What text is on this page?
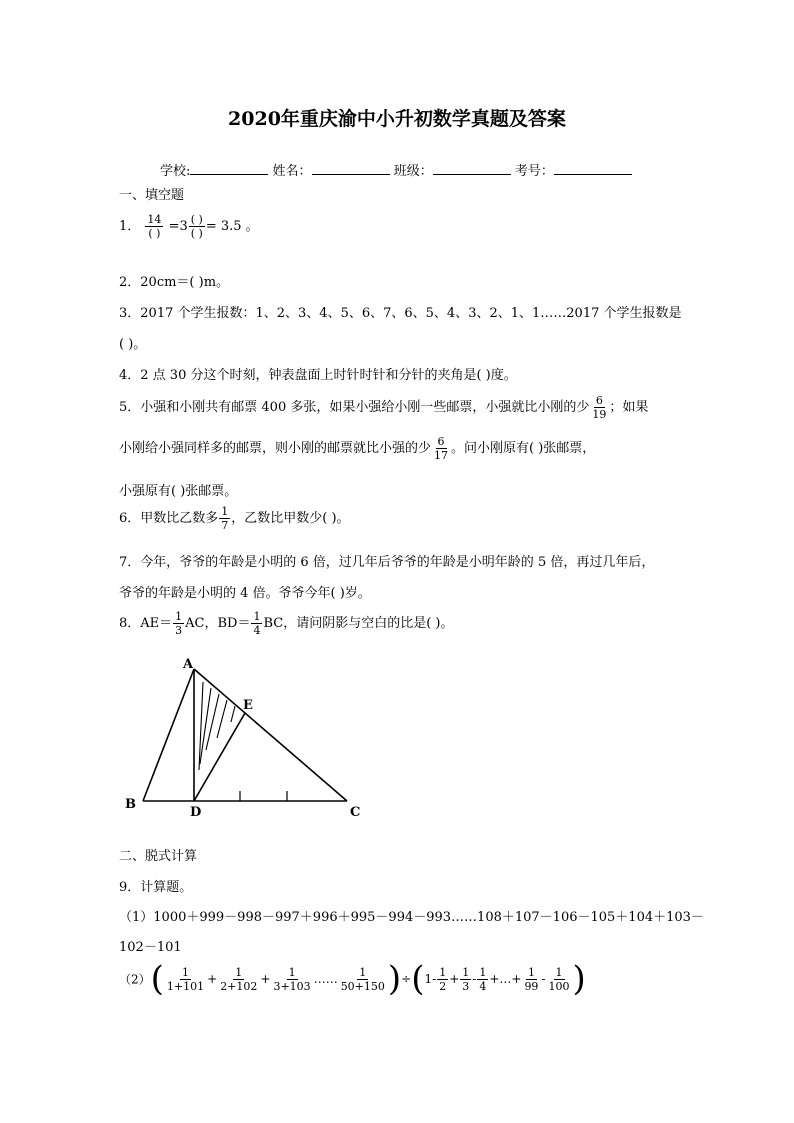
2020年重庆渝中小升初数学真题及答案
学校:	姓名：	班级：	考号：
一、填空题
1． $\frac{14}{( )} =3 \frac{( )}{( )} = 3.5$ 。
2．20cm＝( )m。
3．2017 个学生报数：1、2、3、4、5、6、7、6、5、4、3、2、1、1……2017 个学生报数是
( )。
4．2 点 30 分这个时刻，钟表盘面上时针时针和分针的夹角是( )度。
5．小强和小刚共有邮票 400 多张，如果小强给小刚一些邮票，小强就比小刚的少 $\frac{6}{19}$ ；如果
小刚给小强同样多的邮票，则小刚的邮票就比小强的少 $\frac{6}{17}$ 。问小刚原有( )张邮票，
小强原有( )张邮票。
6．甲数比乙数多 $\frac{1}{7}$ ，乙数比甲数少( )。
7．今年，爷爷的年龄是小明的 6 倍，过几年后爷爷的年龄是小明年龄的 5 倍，再过几年后，
爷爷的年龄是小明的 4 倍。爷爷今年( )岁。
8．$AE= \frac{1}{3}$ AC，$BD= \frac{1}{4}$ BC，请问阴影与空白的比是( )。
A
B
C
D
E
二、脱式计算
9．计算题。
（1）1000＋999－998－997＋996＋995－994－993……108＋107－106－105＋104＋103－
102－101
$(2)( \frac{1}{1+101} + \frac{1}{2+102} + \frac{1}{3+103}$ …… $\frac{1}{50+150} )\div(1- \frac{1}{2} + \frac{1}{3} - \frac{1}{4}$ +…+ $\frac{1}{99} - \frac{1}{100}$ )
